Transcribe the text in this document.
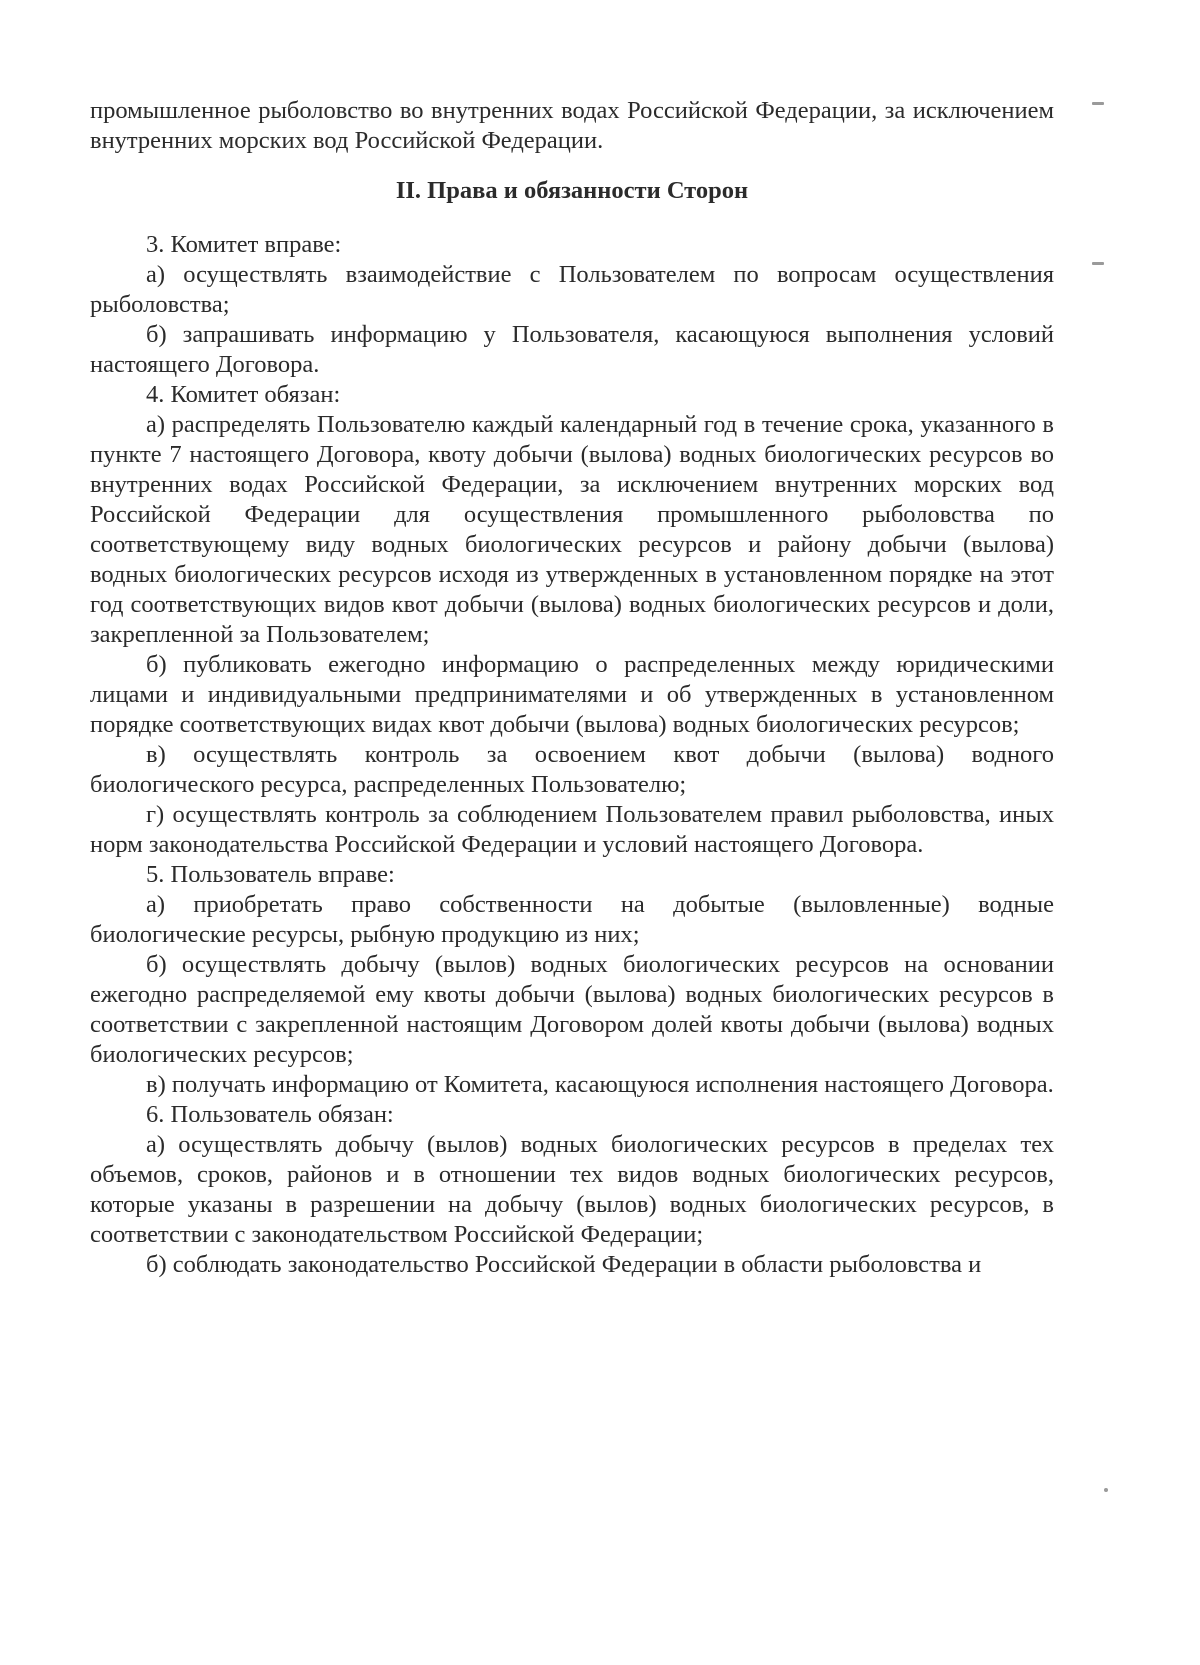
промышленное рыболовство во внутренних водах Российской Федерации, за исключением внутренних морских вод Российской Федерации.

II. Права и обязанности Сторон

3. Комитет вправе:

а) осуществлять взаимодействие с Пользователем по вопросам осуществления рыболовства;

б) запрашивать информацию у Пользователя, касающуюся выполнения условий настоящего Договора.

4. Комитет обязан:

а) распределять Пользователю каждый календарный год в течение срока, указанного в пункте 7 настоящего Договора, квоту добычи (вылова) водных биологических ресурсов во внутренних водах Российской Федерации, за исключением внутренних морских вод Российской Федерации для осуществления промышленного рыболовства по соответствующему виду водных биологических ресурсов и району добычи (вылова) водных биологических ресурсов исходя из утвержденных в установленном порядке на этот год соответствующих видов квот добычи (вылова) водных биологических ресурсов и доли, закрепленной за Пользователем;

б) публиковать ежегодно информацию о распределенных между юридическими лицами и индивидуальными предпринимателями и об утвержденных в установленном порядке соответствующих видах квот добычи (вылова) водных биологических ресурсов;

в) осуществлять контроль за освоением квот добычи (вылова) водного биологического ресурса, распределенных Пользователю;

г) осуществлять контроль за соблюдением Пользователем правил рыболовства, иных норм законодательства Российской Федерации и условий настоящего Договора.

5. Пользователь вправе:

а) приобретать право собственности на добытые (выловленные) водные биологические ресурсы, рыбную продукцию из них;

б) осуществлять добычу (вылов) водных биологических ресурсов на основании ежегодно распределяемой ему квоты добычи (вылова) водных биологических ресурсов в соответствии с закрепленной настоящим Договором долей квоты добычи (вылова) водных биологических ресурсов;

в) получать информацию от Комитета, касающуюся исполнения настоящего Договора.

6. Пользователь обязан:

а) осуществлять добычу (вылов) водных биологических ресурсов в пределах тех объемов, сроков, районов и в отношении тех видов водных биологических ресурсов, которые указаны в разрешении на добычу (вылов) водных биологических ресурсов, в соответствии с законодательством Российской Федерации;

б) соблюдать законодательство Российской Федерации в области рыболовства и
